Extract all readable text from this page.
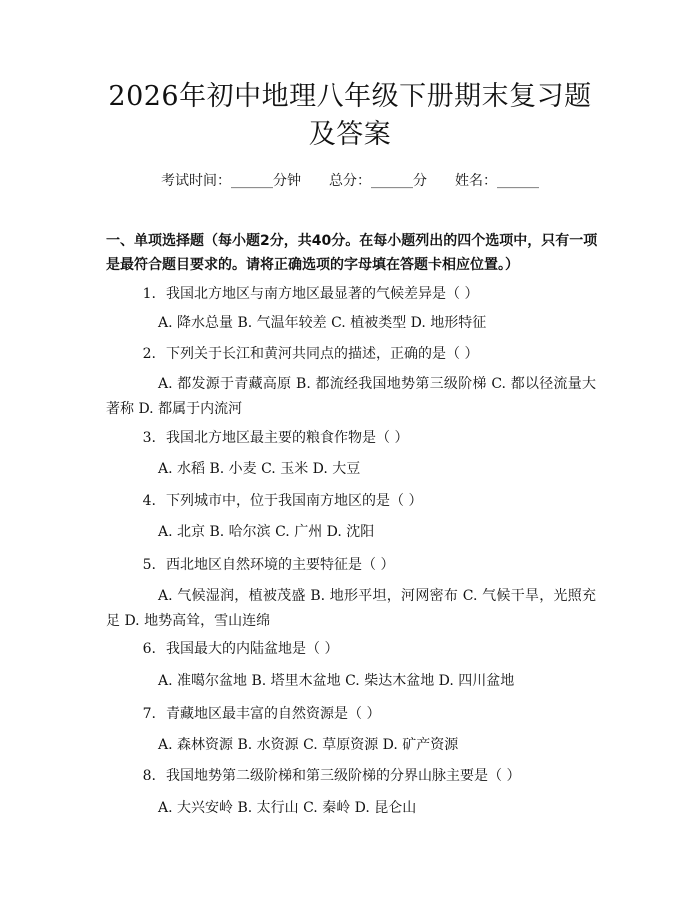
2026年初中地理八年级下册期末复习题及答案
考试时间：______分钟 总分：______分 姓名：______
一、单项选择题（每小题2分，共40分。在每小题列出的四个选项中，只有一项是最符合题目要求的。请将正确选项的字母填在答题卡相应位置。）
1. 我国北方地区与南方地区最显著的气候差异是（ ）
A. 降水总量 B. 气温年较差 C. 植被类型 D. 地形特征
2. 下列关于长江和黄河共同点的描述，正确的是（ ）
A. 都发源于青藏高原 B. 都流经我国地势第三级阶梯 C. 都以径流量大著称 D. 都属于内流河
3. 我国北方地区最主要的粮食作物是（ ）
A. 水稻 B. 小麦 C. 玉米 D. 大豆
4. 下列城市中，位于我国南方地区的是（ ）
A. 北京 B. 哈尔滨 C. 广州 D. 沈阳
5. 西北地区自然环境的主要特征是（ ）
A. 气候湿润，植被茂盛 B. 地形平坦，河网密布 C. 气候干旱，光照充足 D. 地势高耸，雪山连绵
6. 我国最大的内陆盆地是（ ）
A. 准噶尔盆地 B. 塔里木盆地 C. 柴达木盆地 D. 四川盆地
7. 青藏地区最丰富的自然资源是（ ）
A. 森林资源 B. 水资源 C. 草原资源 D. 矿产资源
8. 我国地势第二级阶梯和第三级阶梯的分界山脉主要是（ ）
A. 大兴安岭 B. 太行山 C. 秦岭 D. 昆仑山
